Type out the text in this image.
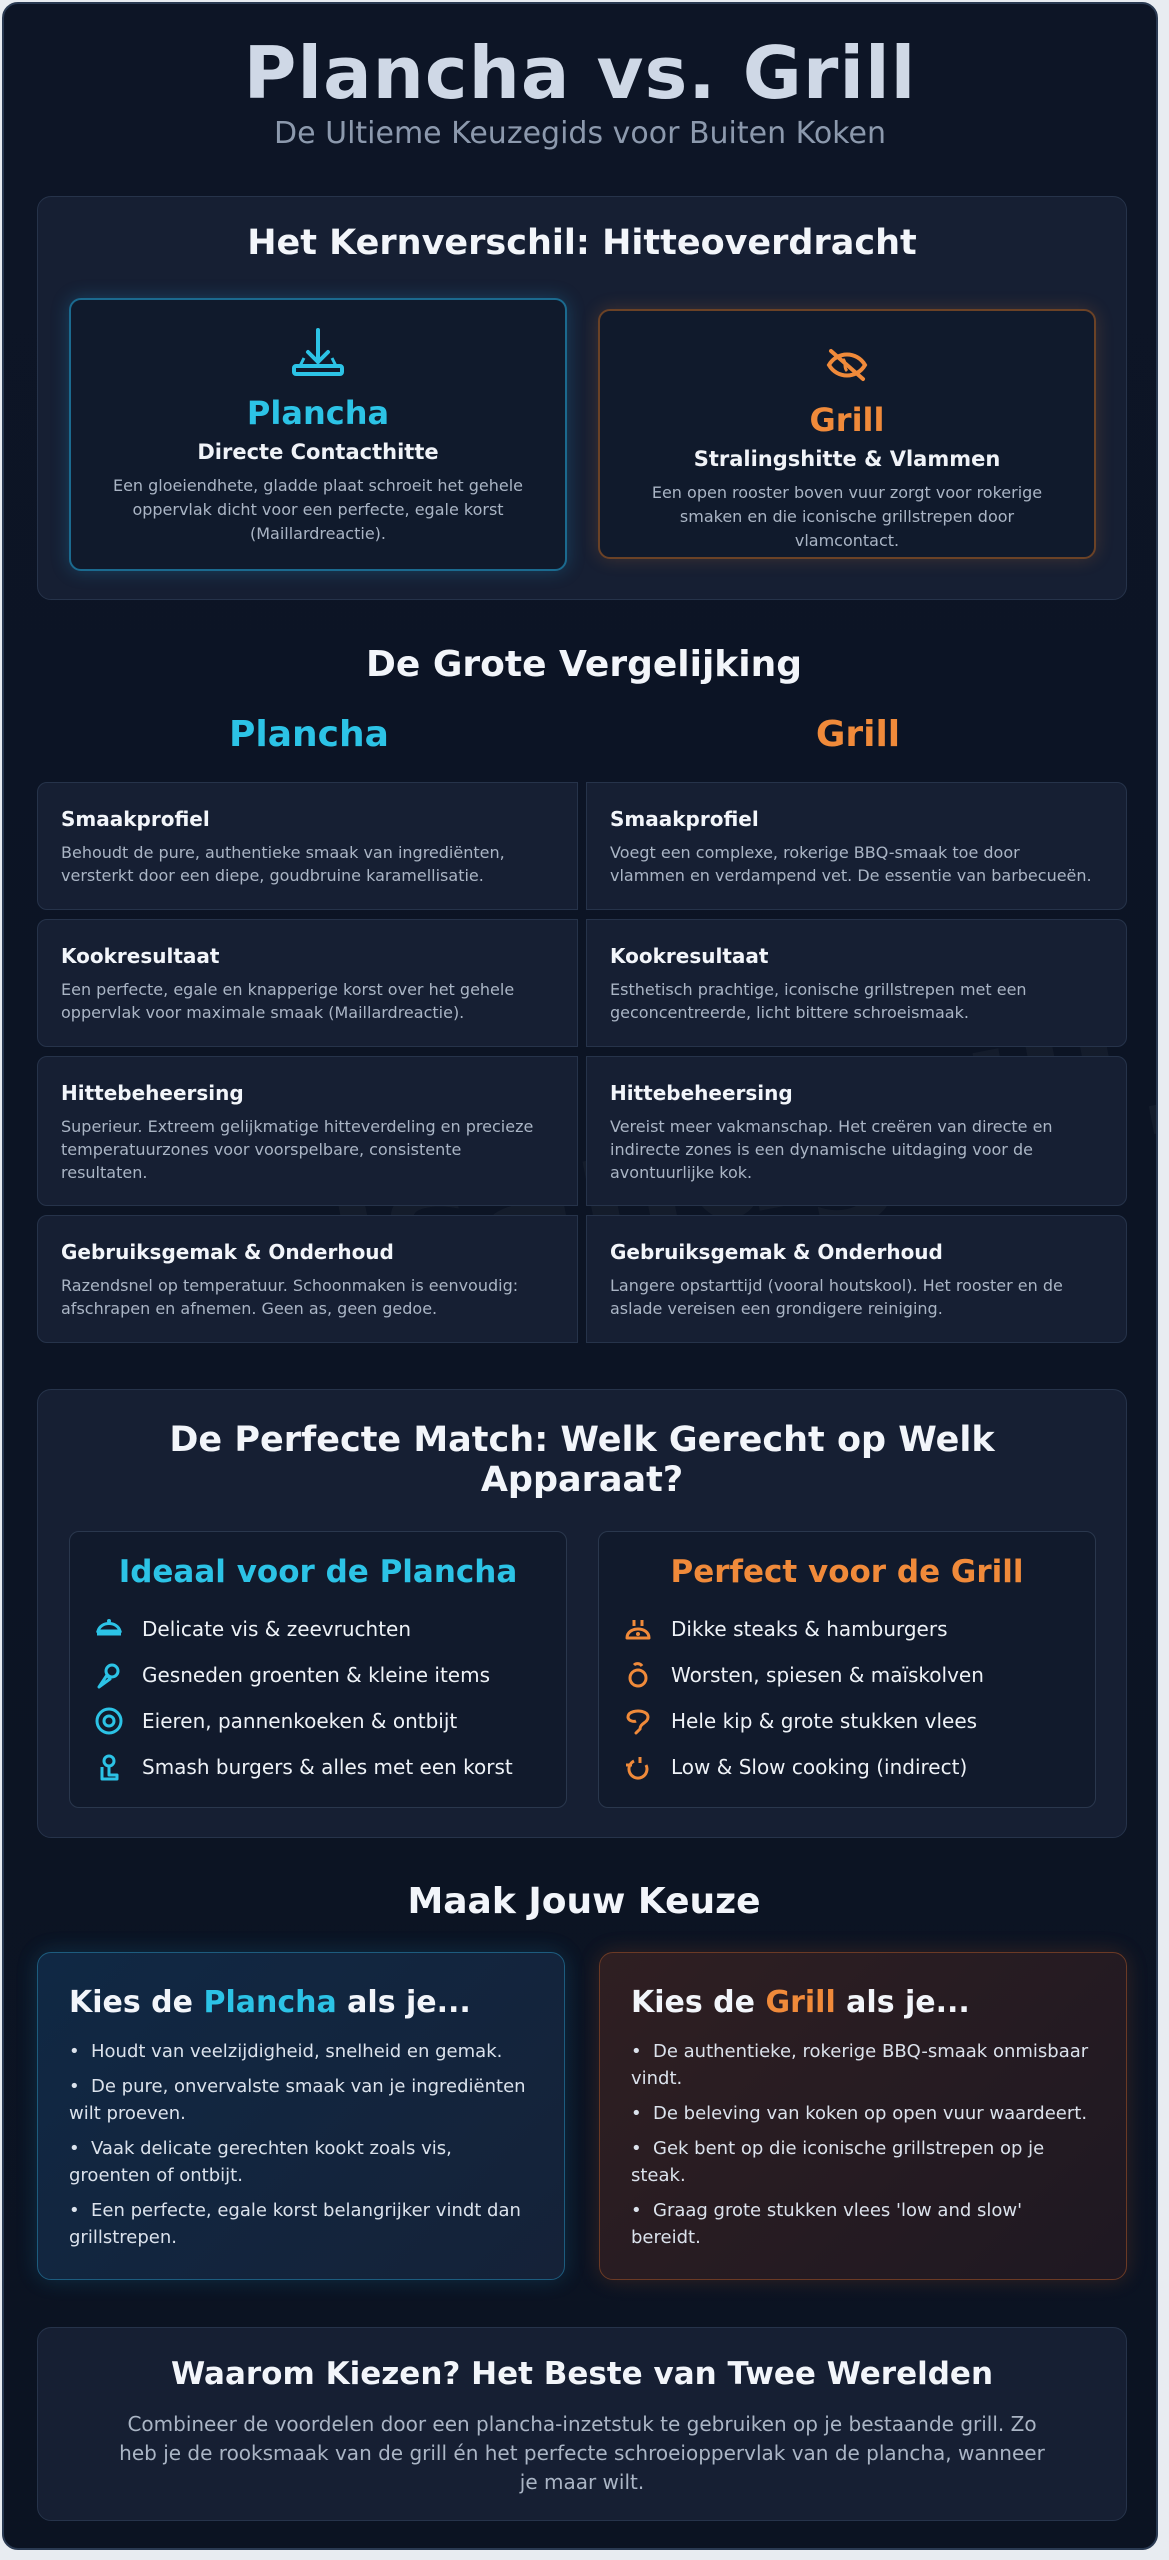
Plancha vs. Grill
De Ultieme Keuzegids voor Buiten Koken
Het Kernverschil: Hitteoverdracht
Plancha
Directe Contacthitte
Een gloeiendhete, gladde plaat schroeit het gehele oppervlak dicht voor een perfecte, egale korst (Maillardreactie).
Grill
Stralingshitte & Vlammen
Een open rooster boven vuur zorgt voor rokerige smaken en die iconische grillstrepen door vlamcontact.
De Grote Vergelijking
Plancha	Grill
Smaakprofiel
Behoudt de pure, authentieke smaak van ingrediënten, versterkt door een diepe, goudbruine karamellisatie.
Smaakprofiel
Voegt een complexe, rokerige BBQ-smaak toe door vlammen en verdampend vet. De essentie van barbecueën.
Kookresultaat
Een perfecte, egale en knapperige korst over het gehele oppervlak voor maximale smaak (Maillardreactie).
Kookresultaat
Esthetisch prachtige, iconische grillstrepen met een geconcentreerde, licht bittere schroeismaak.
Hittebeheersing
Superieur. Extreem gelijkmatige hitteverdeling en precieze temperatuurzones voor voorspelbare, consistente resultaten.
Hittebeheersing
Vereist meer vakmanschap. Het creëren van directe en indirecte zones is een dynamische uitdaging voor de avontuurlijke kok.
Gebruiksgemak & Onderhoud
Razendsnel op temperatuur. Schoonmaken is eenvoudig: afschrapen en afnemen. Geen as, geen gedoe.
Gebruiksgemak & Onderhoud
Langere opstarttijd (vooral houtskool). Het rooster en de aslade vereisen een grondigere reiniging.
De Perfecte Match: Welk Gerecht op Welk Apparaat?
Ideaal voor de Plancha
Delicate vis & zeevruchten
Gesneden groenten & kleine items
Eieren, pannenkoeken & ontbijt
Smash burgers & alles met een korst
Perfect voor de Grill
Dikke steaks & hamburgers
Worsten, spiesen & maïskolven
Hele kip & grote stukken vlees
Low & Slow cooking (indirect)
Maak Jouw Keuze
Kies de Plancha als je...
• Houdt van veelzijdigheid, snelheid en gemak.
• De pure, onvervalste smaak van je ingrediënten wilt proeven.
• Vaak delicate gerechten kookt zoals vis, groenten of ontbijt.
• Een perfecte, egale korst belangrijker vindt dan grillstrepen.
Kies de Grill als je...
• De authentieke, rokerige BBQ-smaak onmisbaar vindt.
• De beleving van koken op open vuur waardeert.
• Gek bent op die iconische grillstrepen op je steak.
• Graag grote stukken vlees 'low and slow' bereidt.
Waarom Kiezen? Het Beste van Twee Werelden
Combineer de voordelen door een plancha-inzetstuk te gebruiken op je bestaande grill. Zo heb je de rooksmaak van de grill én het perfecte schroeioppervlak van de plancha, wanneer je maar wilt.
